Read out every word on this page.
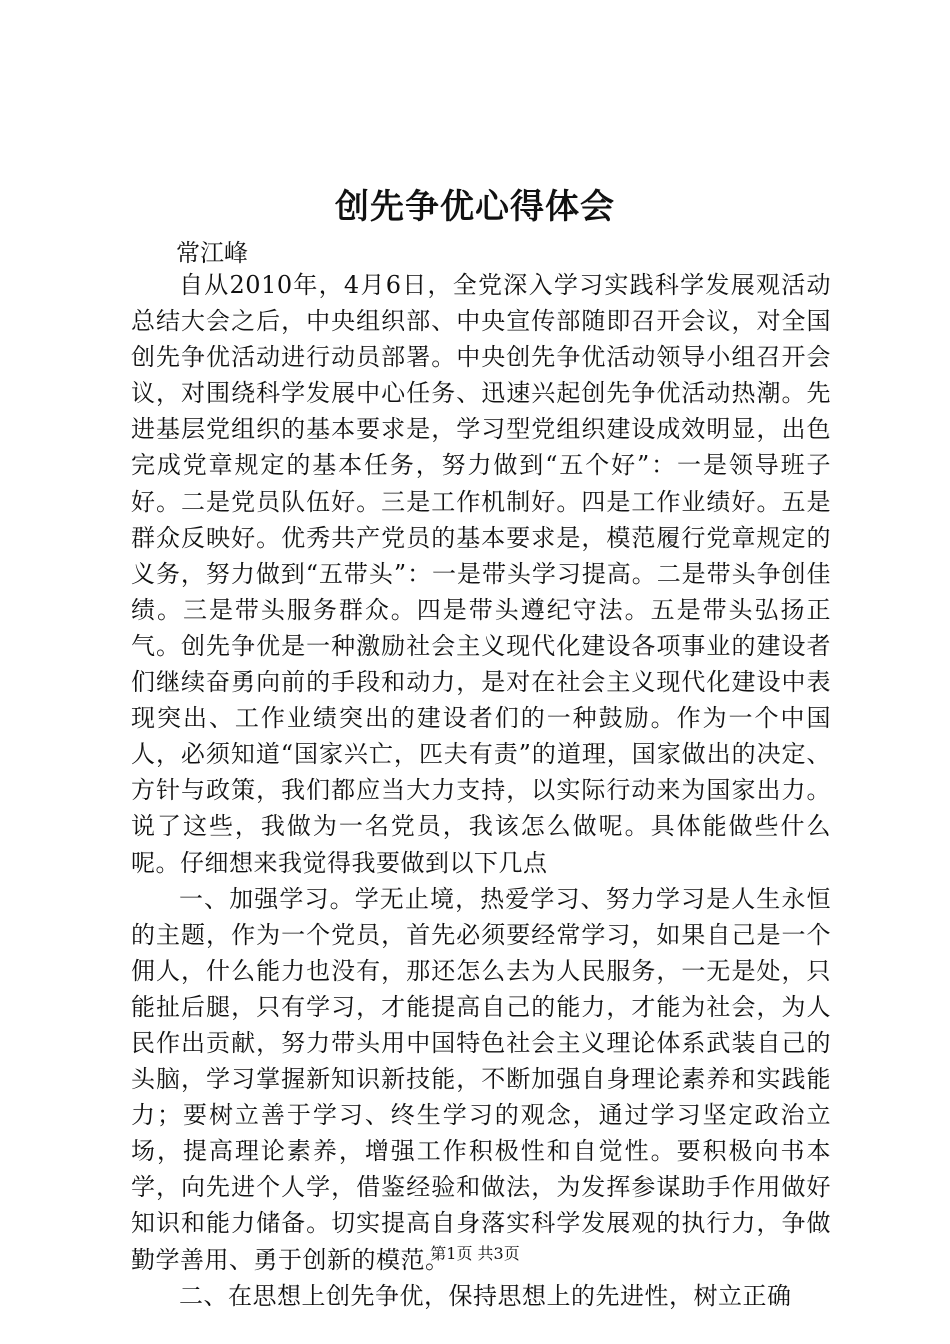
创先争优心得体会
常江峰

自从2010年，4月6日，全党深入学习实践科学发展观活动总结大会之后，中央组织部、中央宣传部随即召开会议，对全国创先争优活动进行动员部署。中央创先争优活动领导小组召开会议，对围绕科学发展中心任务、迅速兴起创先争优活动热潮。先进基层党组织的基本要求是，学习型党组织建设成效明显，出色完成党章规定的基本任务，努力做到“五个好”：一是领导班子好。二是党员队伍好。三是工作机制好。四是工作业绩好。五是群众反映好。优秀共产党员的基本要求是，模范履行党章规定的义务，努力做到“五带头”：一是带头学习提高。二是带头争创佳绩。三是带头服务群众。四是带头遵纪守法。五是带头弘扬正气。创先争优是一种激励社会主义现代化建设各项事业的建设者们继续奋勇向前的手段和动力，是对在社会主义现代化建设中表现突出、工作业绩突出的建设者们的一种鼓励。作为一个中国人，必须知道“国家兴亡，匹夫有责”的道理，国家做出的决定、方针与政策，我们都应当大力支持，以实际行动来为国家出力。说了这些，我做为一名党员，我该怎么做呢。具体能做些什么呢。仔细想来我觉得我要做到以下几点

一、加强学习。学无止境，热爱学习、努力学习是人生永恒的主题，作为一个党员，首先必须要经常学习，如果自己是一个佣人，什么能力也没有，那还怎么去为人民服务，一无是处，只能扯后腿，只有学习，才能提高自己的能力，才能为社会，为人民作出贡献，努力带头用中国特色社会主义理论体系武装自己的头脑，学习掌握新知识新技能，不断加强自身理论素养和实践能力；要树立善于学习、终生学习的观念，通过学习坚定政治立场，提高理论素养，增强工作积极性和自觉性。要积极向书本学，向先进个人学，借鉴经验和做法，为发挥参谋助手作用做好知识和能力储备。切实提高自身落实科学发展观的执行力，争做勤学善用、勇于创新的模范。

二、在思想上创先争优，保持思想上的先进性，树立正确

第1页 共3页
